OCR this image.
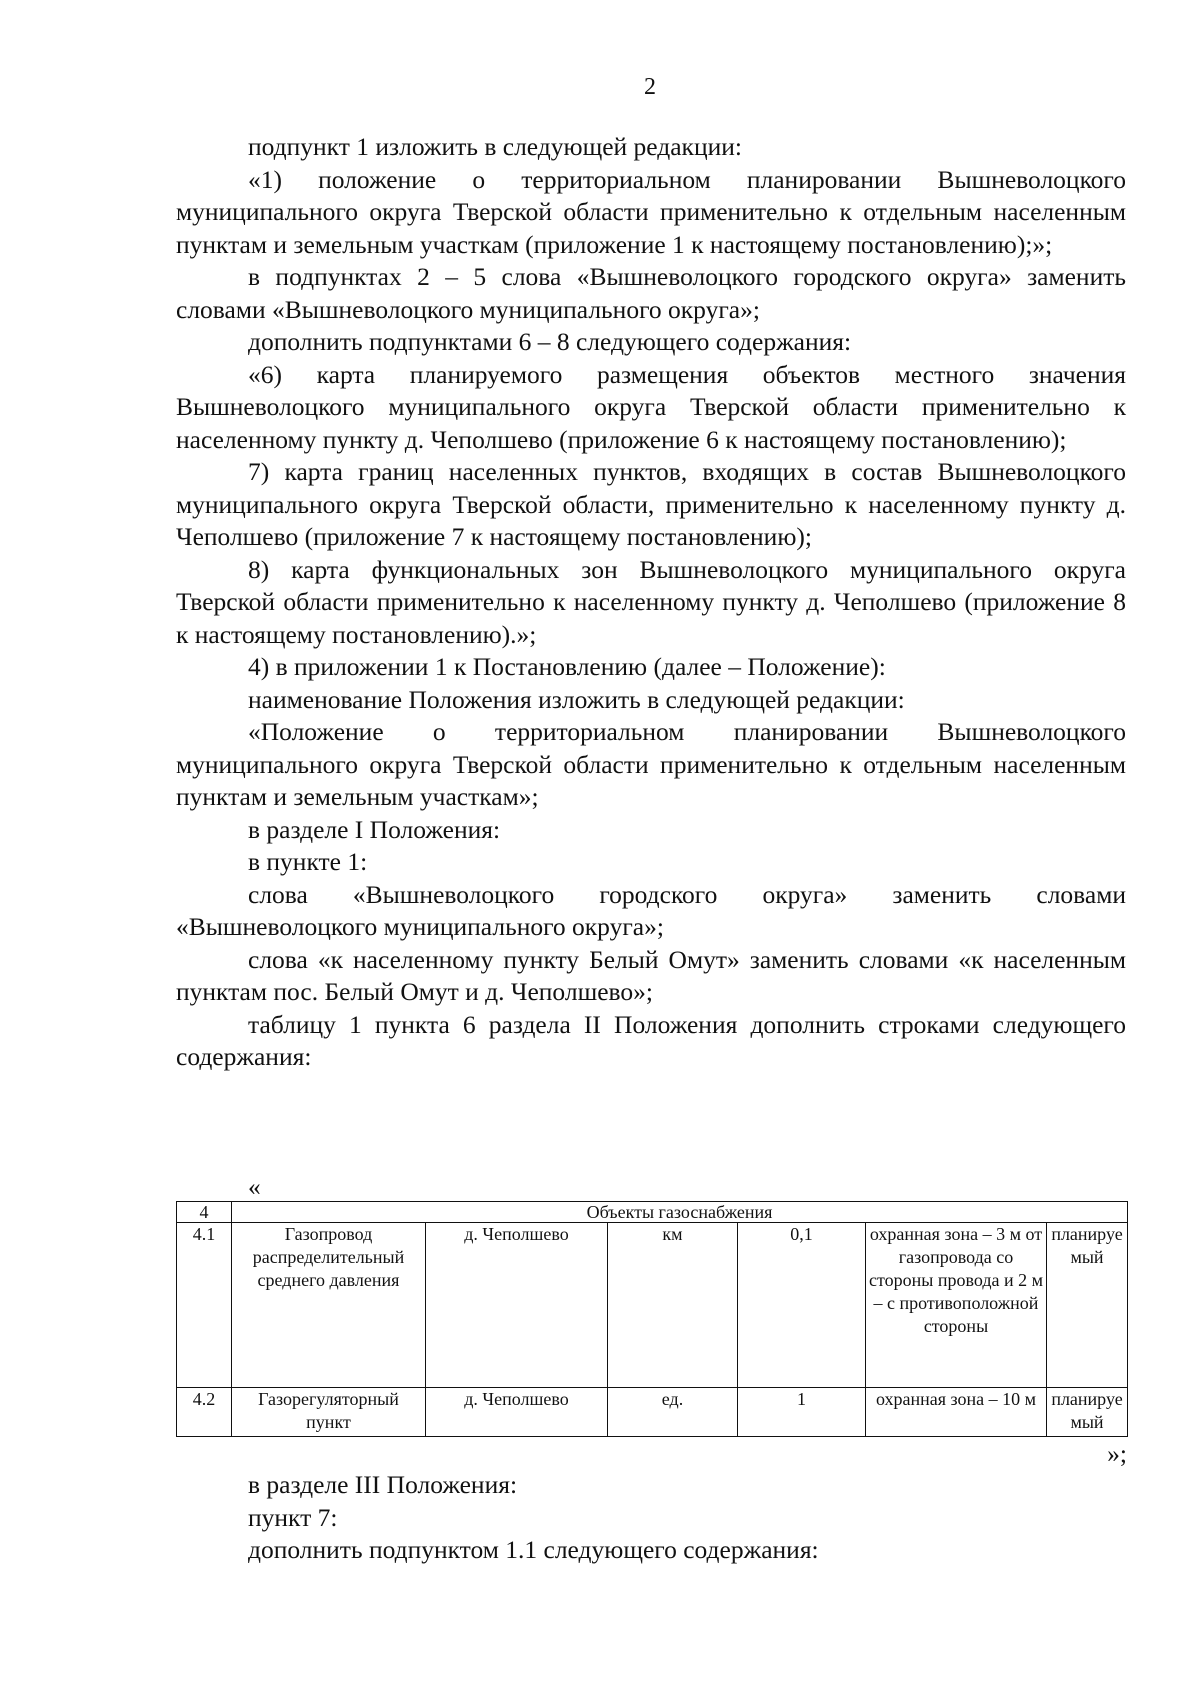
2

подпункт 1 изложить в следующей редакции:

«1) положение о территориальном планировании Вышневолоцкого муниципального округа Тверской области применительно к отдельным населенным пунктам и земельным участкам (приложение 1 к настоящему постановлению);»;

в подпунктах 2 – 5 слова «Вышневолоцкого городского округа» заменить словами «Вышневолоцкого муниципального округа»;

дополнить подпунктами 6 – 8 следующего содержания:

«6) карта планируемого размещения объектов местного значения Вышневолоцкого муниципального округа Тверской области применительно к населенному пункту д. Чеполшево (приложение 6 к настоящему постановлению);

7) карта границ населенных пунктов, входящих в состав Вышневолоцкого муниципального округа Тверской области, применительно к населенному пункту д. Чеполшево (приложение 7 к настоящему постановлению);

8) карта функциональных зон Вышневолоцкого муниципального округа Тверской области применительно к населенному пункту д. Чеполшево (приложение 8 к настоящему постановлению).»;

4) в приложении 1 к Постановлению (далее – Положение):

наименование Положения изложить в следующей редакции:

«Положение о территориальном планировании Вышневолоцкого муниципального округа Тверской области применительно к отдельным населенным пунктам и земельным участкам»;

в разделе I Положения:

в пункте 1:

слова «Вышневолоцкого городского округа» заменить словами «Вышневолоцкого муниципального округа»;

слова «к населенному пункту Белый Омут» заменить словами «к населенным пунктам пос. Белый Омут и д. Чеполшево»;

таблицу 1 пункта 6 раздела II Положения дополнить строками следующего содержания:

«
4	Объекты газоснабжения					
4.1	Газопровод распределительный среднего давления	д. Чеполшево	км	0,1	охранная зона – 3 м от газопровода со стороны провода и 2 м – с противоположной стороны	планируемый
4.2	Газорегуляторный пункт	д. Чеполшево	ед.	1	охранная зона – 10 м	планируемый
»;

в разделе III Положения:

пункт 7:

дополнить подпунктом 1.1 следующего содержания:
